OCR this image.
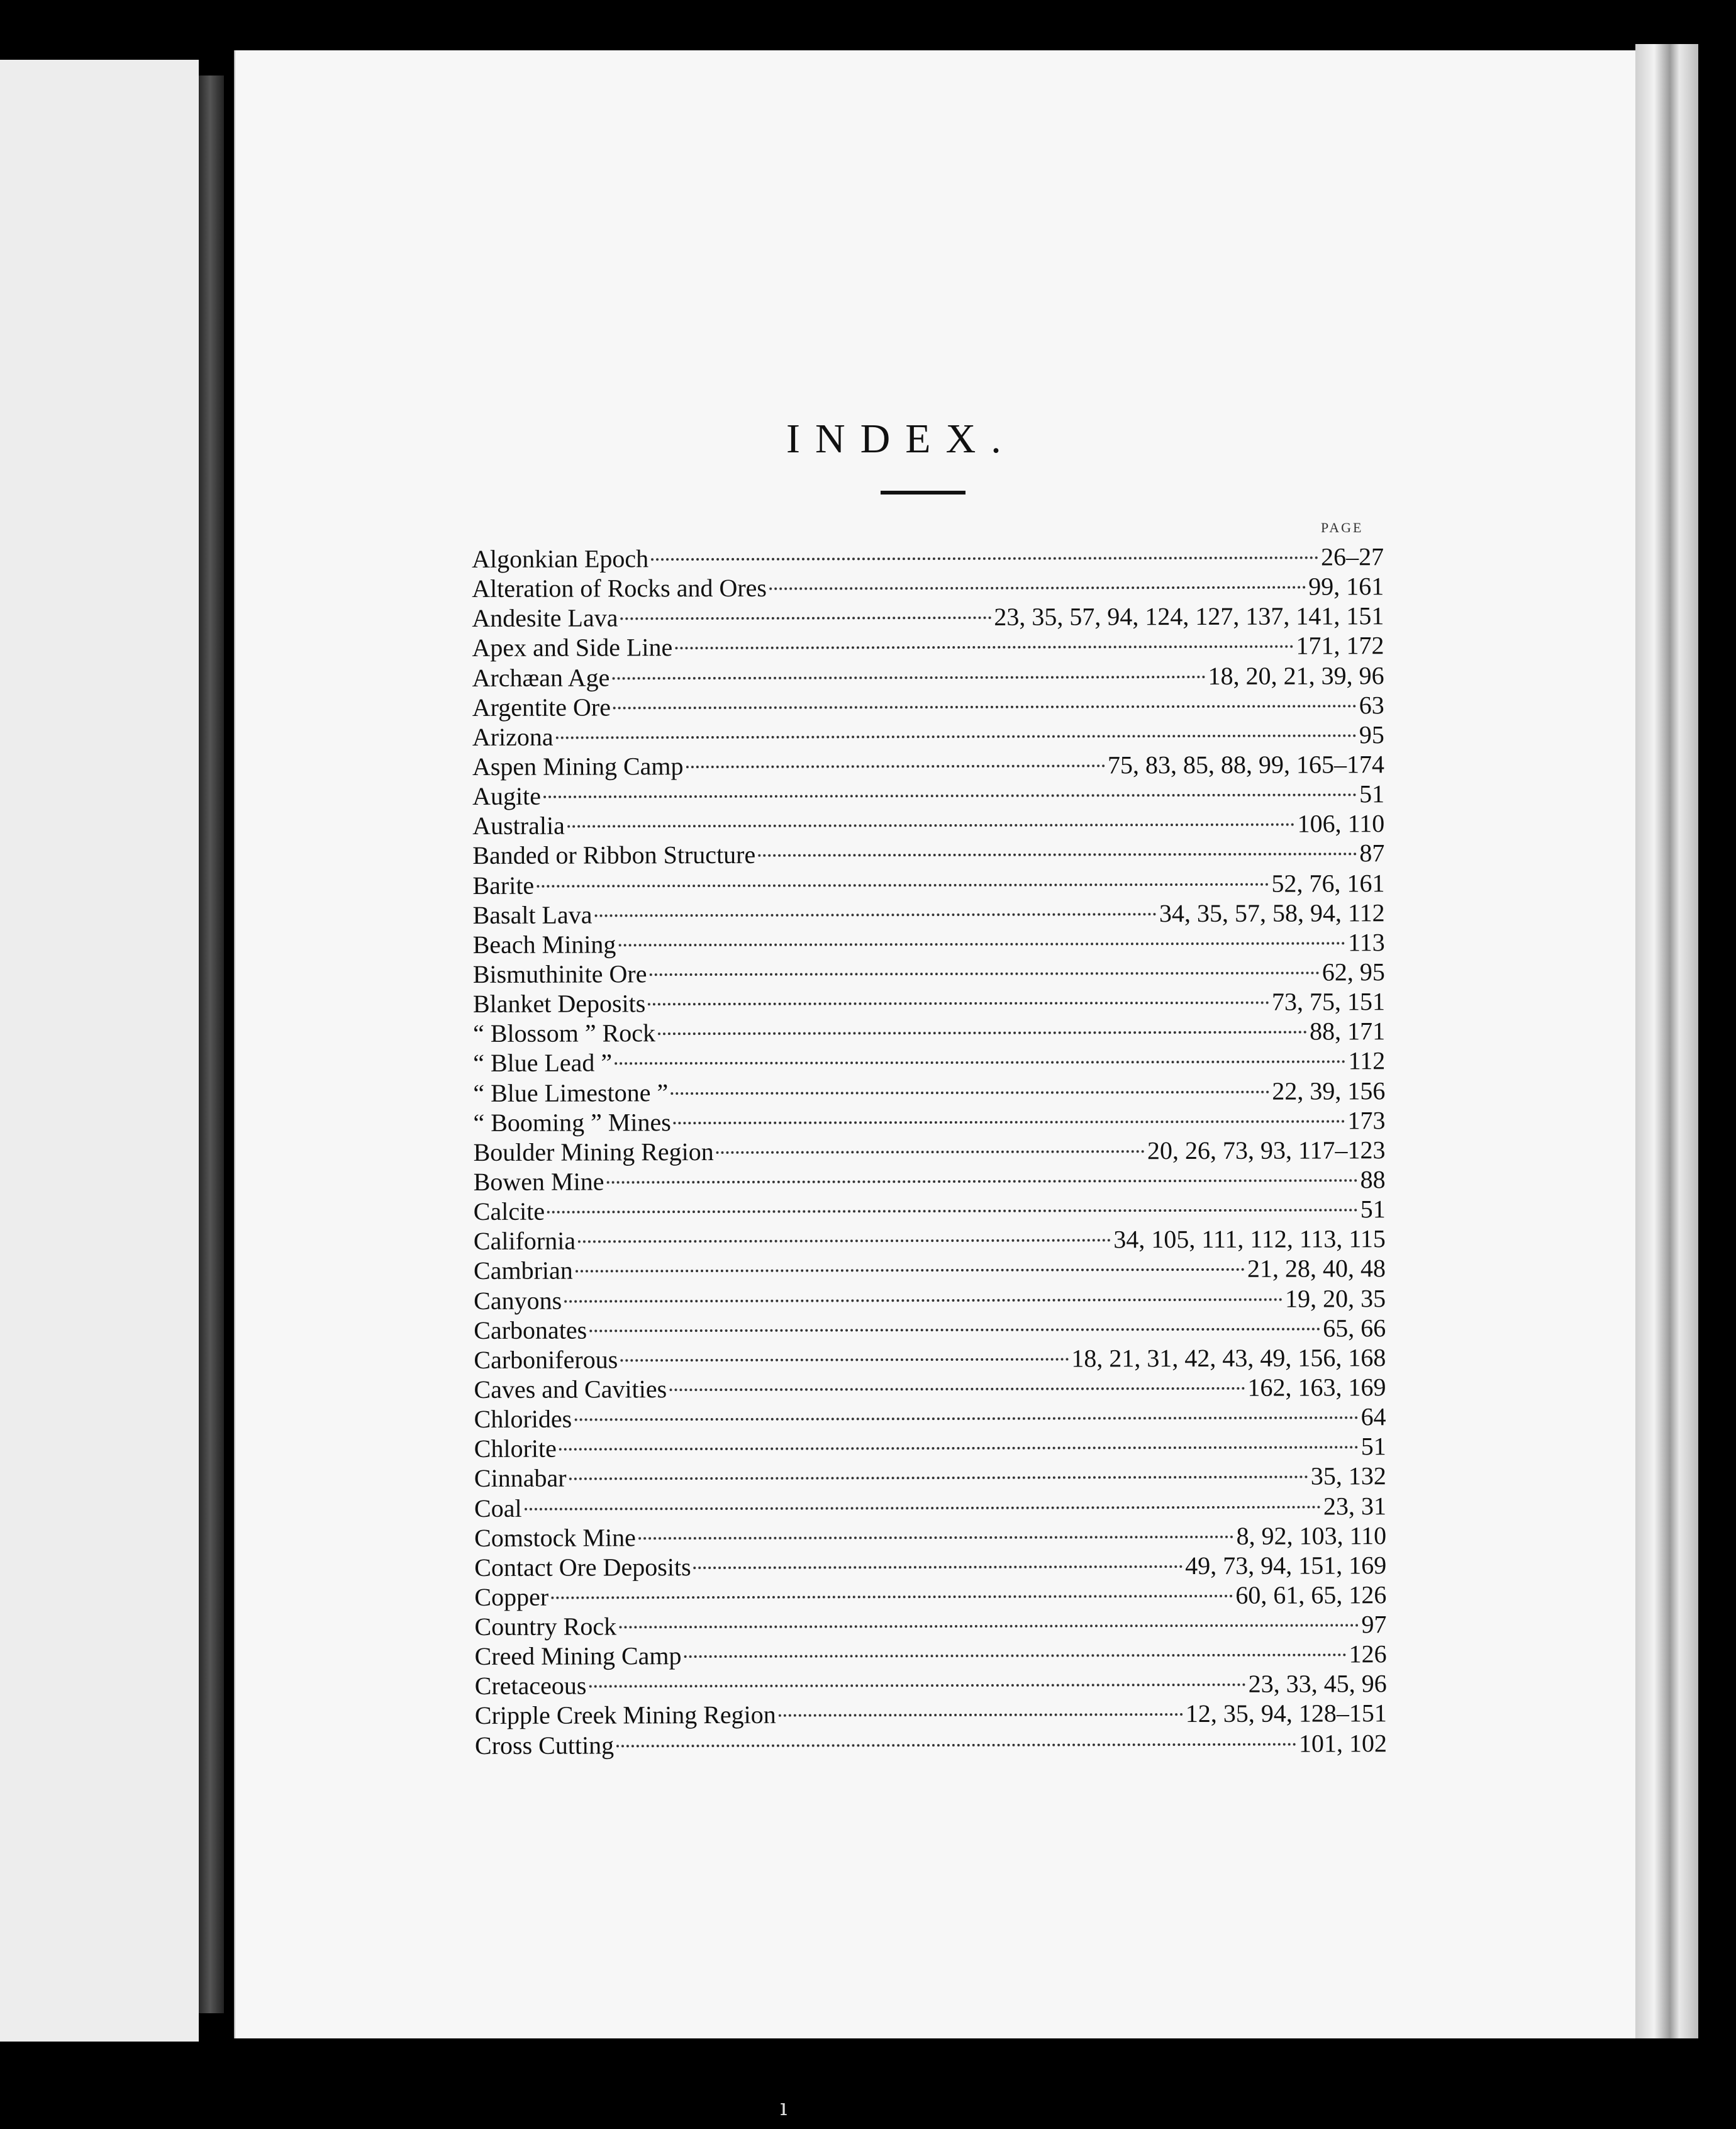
INDEX.
PAGE
Algonkian Epoch	26–27
Alteration of Rocks and Ores	99, 161
Andesite Lava	23, 35, 57, 94, 124, 127, 137, 141, 151
Apex and Side Line	171, 172
Archæan Age	18, 20, 21, 39, 96
Argentite Ore	63
Arizona	95
Aspen Mining Camp	75, 83, 85, 88, 99, 165–174
Augite	51
Australia	106, 110
Banded or Ribbon Structure	87
Barite	52, 76, 161
Basalt Lava	34, 35, 57, 58, 94, 112
Beach Mining	113
Bismuthinite Ore	62, 95
Blanket Deposits	73, 75, 151
“ Blossom ” Rock	88, 171
“ Blue Lead ”	112
“ Blue Limestone ”	22, 39, 156
“ Booming ” Mines	173
Boulder Mining Region	20, 26, 73, 93, 117–123
Bowen Mine	88
Calcite	51
California	34, 105, 111, 112, 113, 115
Cambrian	21, 28, 40, 48
Canyons	19, 20, 35
Carbonates	65, 66
Carboniferous	18, 21, 31, 42, 43, 49, 156, 168
Caves and Cavities	162, 163, 169
Chlorides	64
Chlorite	51
Cinnabar	35, 132
Coal	23, 31
Comstock Mine	8, 92, 103, 110
Contact Ore Deposits	49, 73, 94, 151, 169
Copper	60, 61, 65, 126
Country Rock	97
Creed Mining Camp	126
Cretaceous	23, 33, 45, 96
Cripple Creek Mining Region	12, 35, 94, 128–151
Cross Cutting	101, 102
ı
